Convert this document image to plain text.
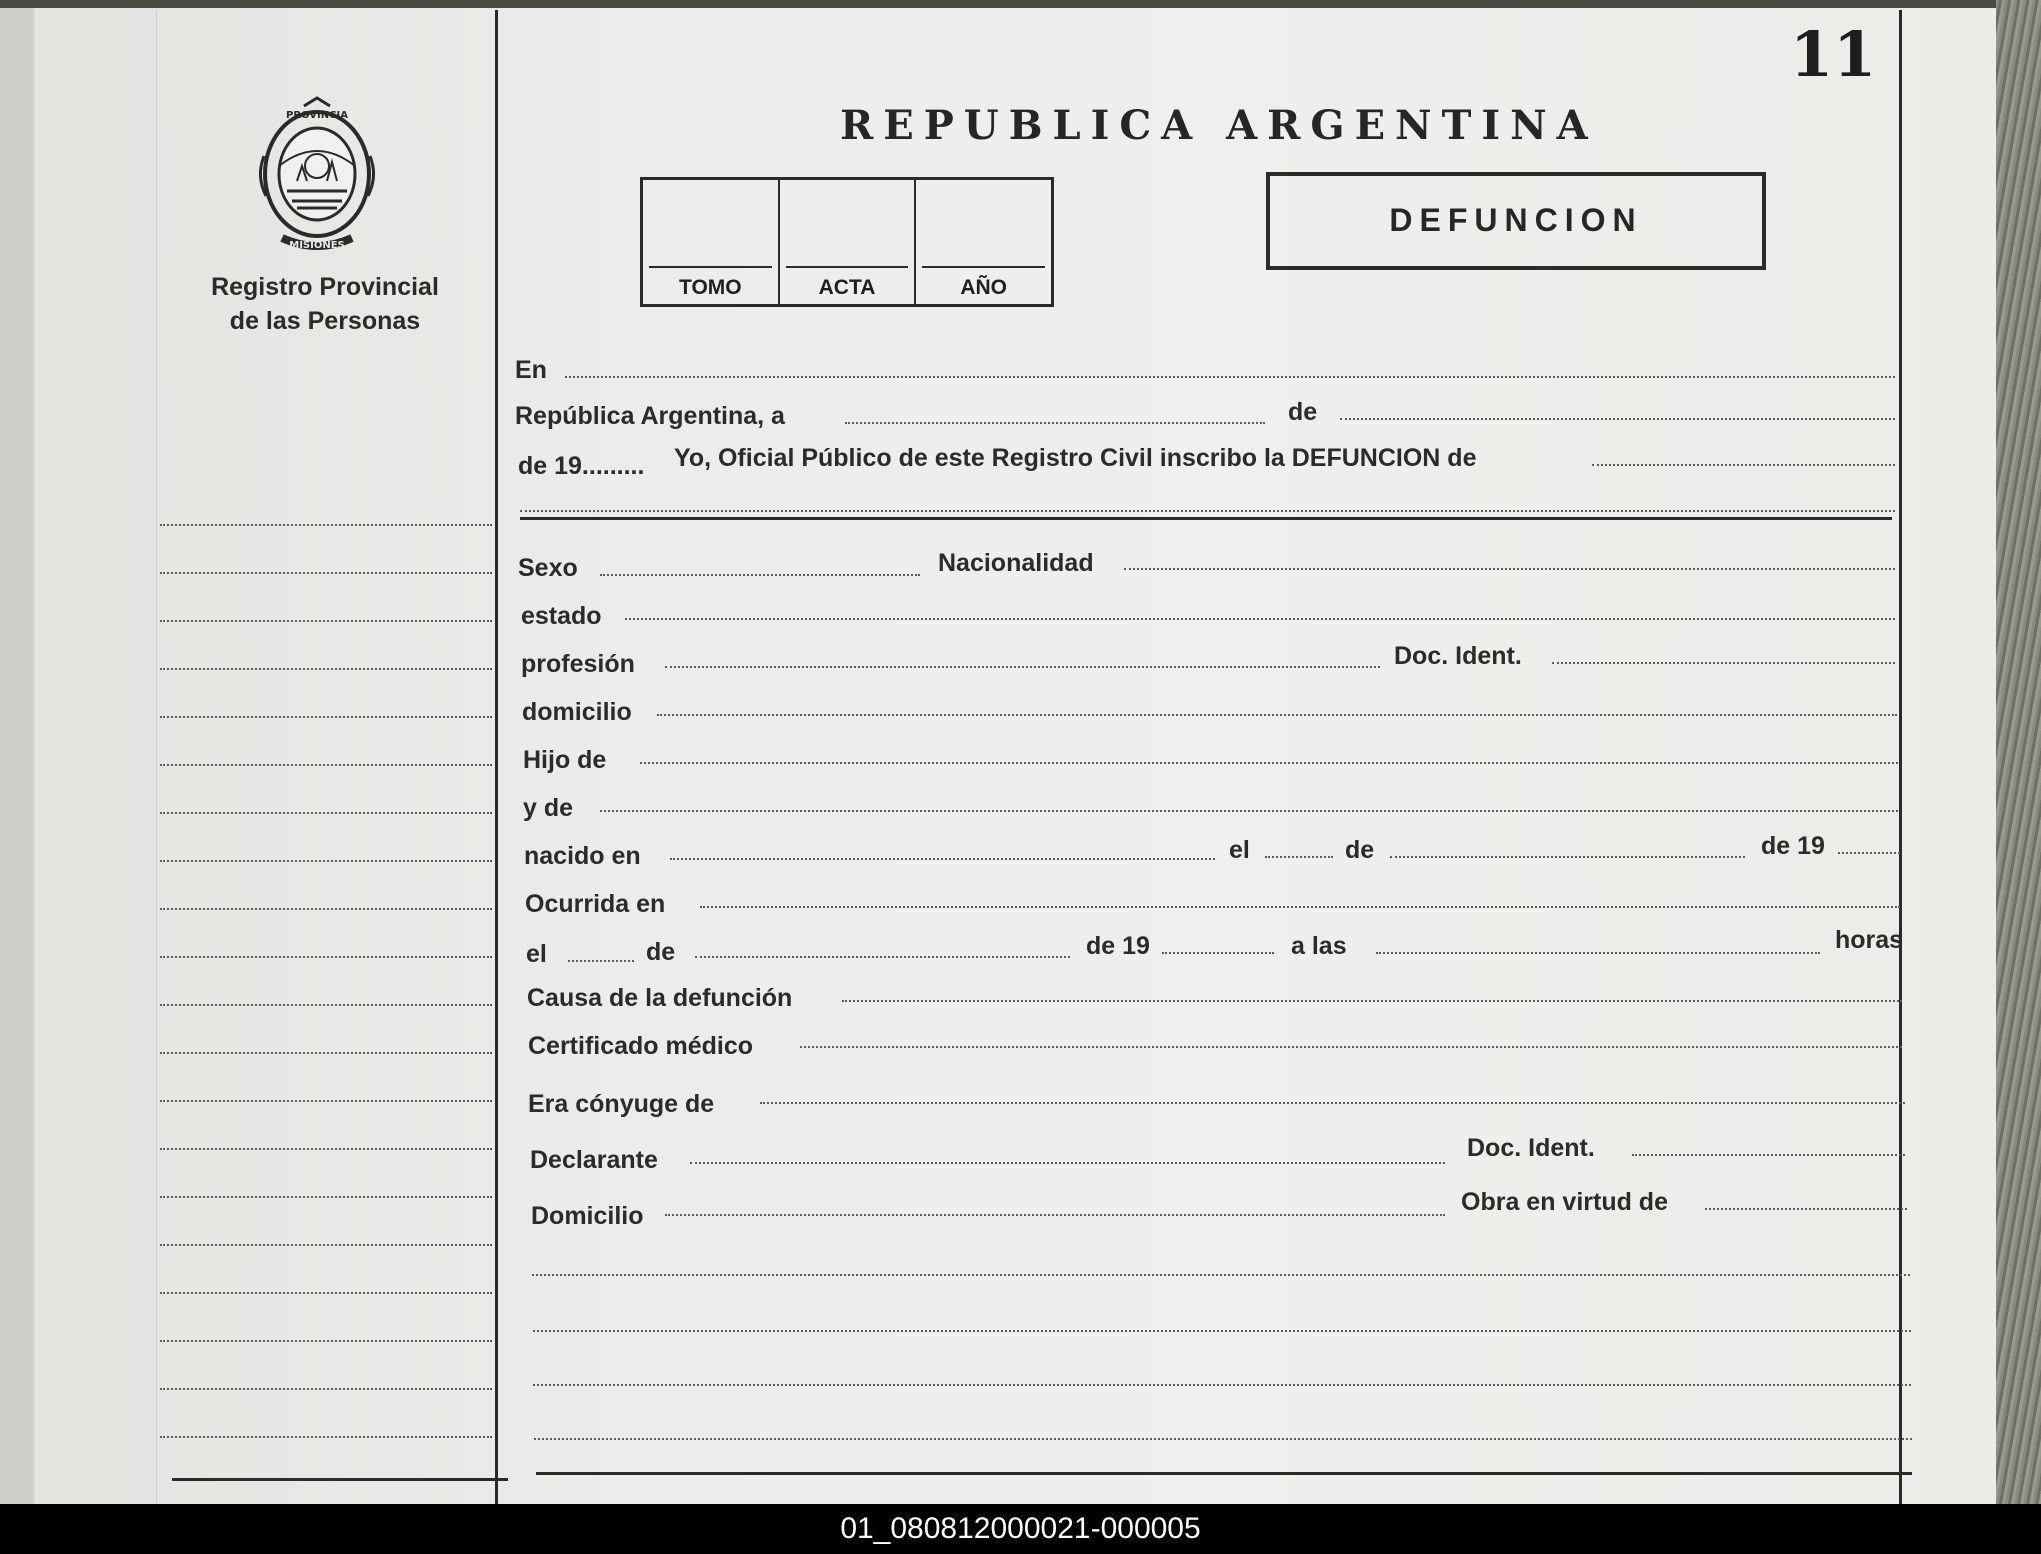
11
REPUBLICA ARGENTINA
PROVINCIA
MISIONES
Registro Provincial
de las Personas
TOMO	ACTA	AÑO
DEFUNCION
En
República Argentina, a	de
de 19......... Yo, Oficial Público de este Registro Civil inscribo la DEFUNCION de
Sexo	Nacionalidad
estado
profesión	Doc. Ident.
domicilio
Hijo de
y de
nacido en	el	de	de 19
Ocurrida en
el	de	de 19	a las	horas
Causa de la defunción
Certificado médico
Era cónyuge de
Declarante	Doc. Ident.
Domicilio	Obra en virtud de
01_080812000021-000005
